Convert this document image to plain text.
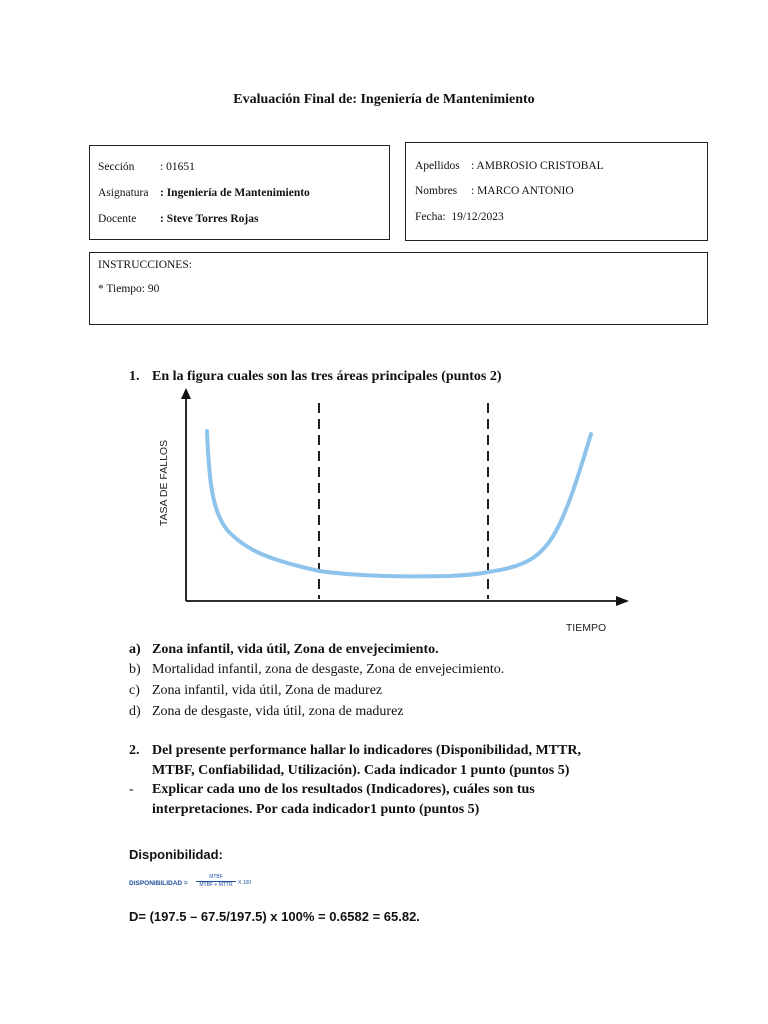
Evaluación Final de: Ingeniería de Mantenimiento
Sección : 01651
Asignatura : Ingeniería de Mantenimiento
Docente : Steve Torres Rojas
Apellidos : AMBROSIO CRISTOBAL
Nombres : MARCO ANTONIO
Fecha: 19/12/2023
INSTRUCCIONES:
* Tiempo: 90
1. En la figura cuales son las tres áreas principales (puntos 2)
TASA DE FALLOS
TIEMPO
a) Zona infantil, vida útil, Zona de envejecimiento.
b) Mortalidad infantil, zona de desgaste, Zona de envejecimiento.
c) Zona infantil, vida útil, Zona de madurez
d) Zona de desgaste, vida útil, zona de madurez
2. Del presente performance hallar lo indicadores (Disponibilidad, MTTR,
MTBF, Confiabilidad, Utilización). Cada indicador 1 punto (puntos 5)
- Explicar cada uno de los resultados (Indicadores), cuáles son tus
interpretaciones. Por cada indicador1 punto (puntos 5)
Disponibilidad:
DISPONIBILIDAD =
MTBF
MTBF + MTTR	X 100
D= (197.5 – 67.5/197.5) x 100% = 0.6582 = 65.82.
